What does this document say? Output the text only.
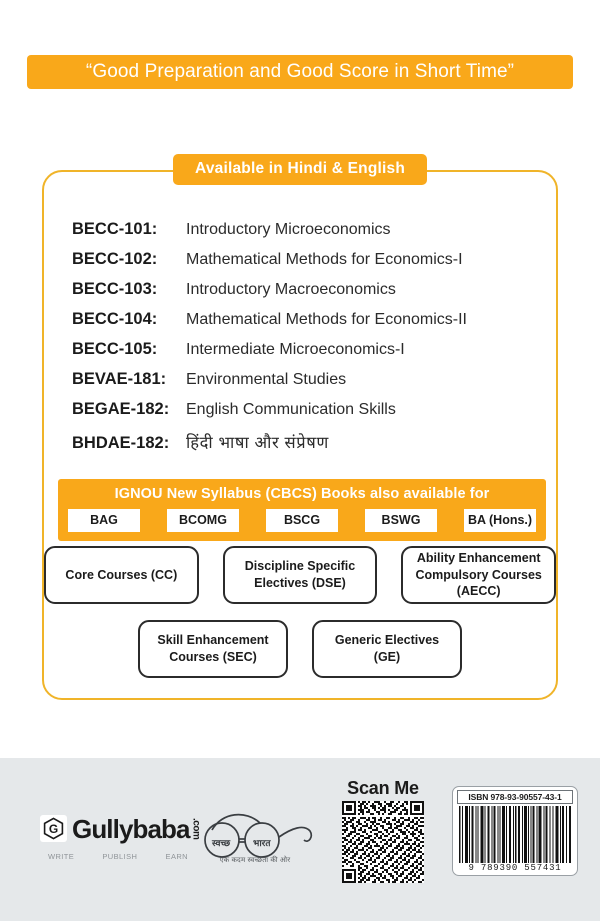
“Good Preparation and Good Score in Short Time”
Available in Hindi & English
BECC-101:	Introductory Microeconomics
BECC-102:	Mathematical Methods for Economics-I
BECC-103:	Introductory Macroeconomics
BECC-104:	Mathematical Methods for Economics-II
BECC-105:	Intermediate Microeconomics-I
BEVAE-181:	Environmental Studies
BEGAE-182:	English Communication Skills
BHDAE-182:	हिंदी भाषा और संप्रेषण
IGNOU New Syllabus (CBCS) Books also available for
BAG	BCOMG	BSCG	BSWG	BA (Hons.)
Core Courses (CC)
Discipline Specific
Electives (DSE)
Ability Enhancement
Compulsory Courses
(AECC)
Skill Enhancement
Courses (SEC)
Generic Electives
(GE)
G Gullybaba .com
WRITE	PUBLISH	EARN
स्वच्छ	भारत
एक कदम स्वच्छता की ओर
Scan Me	ISBN 978-93-90557-43-1
9 789390 557431
